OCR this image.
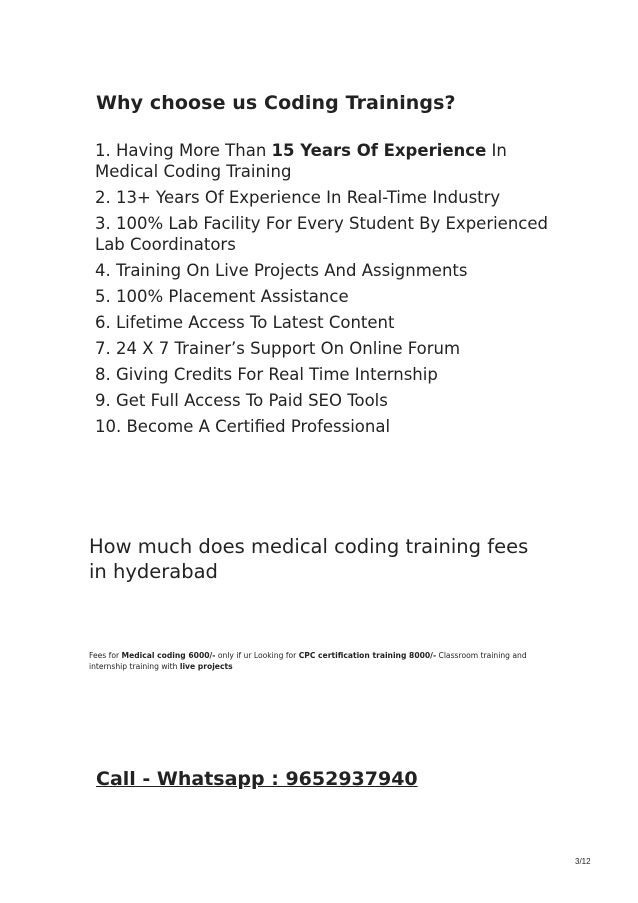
Why choose us Coding Trainings?
1. Having More Than 15 Years Of Experience In Medical Coding Training
2. 13+ Years Of Experience In Real-Time Industry
3. 100% Lab Facility For Every Student By Experienced Lab Coordinators
4. Training On Live Projects And Assignments
5. 100% Placement Assistance
6. Lifetime Access To Latest Content
7. 24 X 7 Trainer’s Support On Online Forum
8. Giving Credits For Real Time Internship
9. Get Full Access To Paid SEO Tools
10. Become A Certified Professional
How much does medical coding training fees in hyderabad
Fees for Medical coding 6000/- only if ur Looking for CPC certification training 8000/- Classroom training and internship training with live projects
Call - Whatsapp : 9652937940
3/12
